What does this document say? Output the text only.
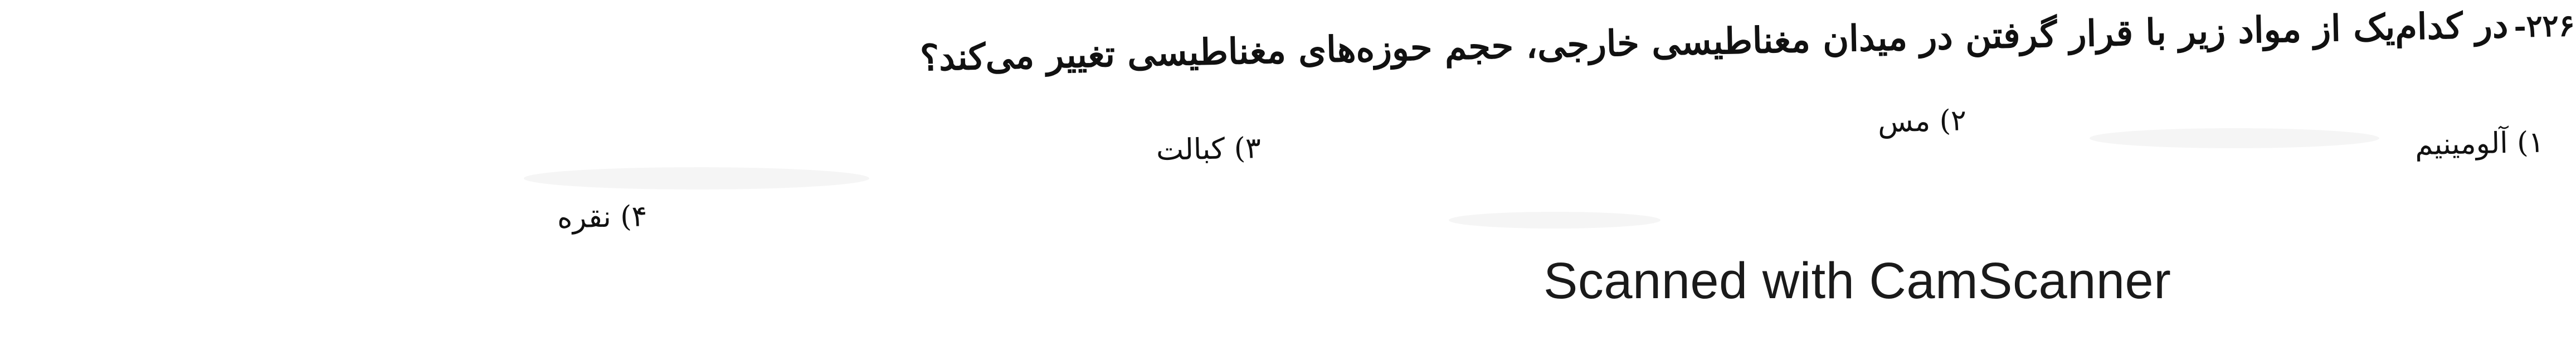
۲۲۶-در کدام‌یک از مواد زیر با قرار گرفتن در میدان مغناطیسی خارجی، حجم حوزه‌های مغناطیسی تغییر می‌کند؟
۱) آلومینیم
۲) مس
۳) کبالت
۴) نقره
Scanned with CamScanner
